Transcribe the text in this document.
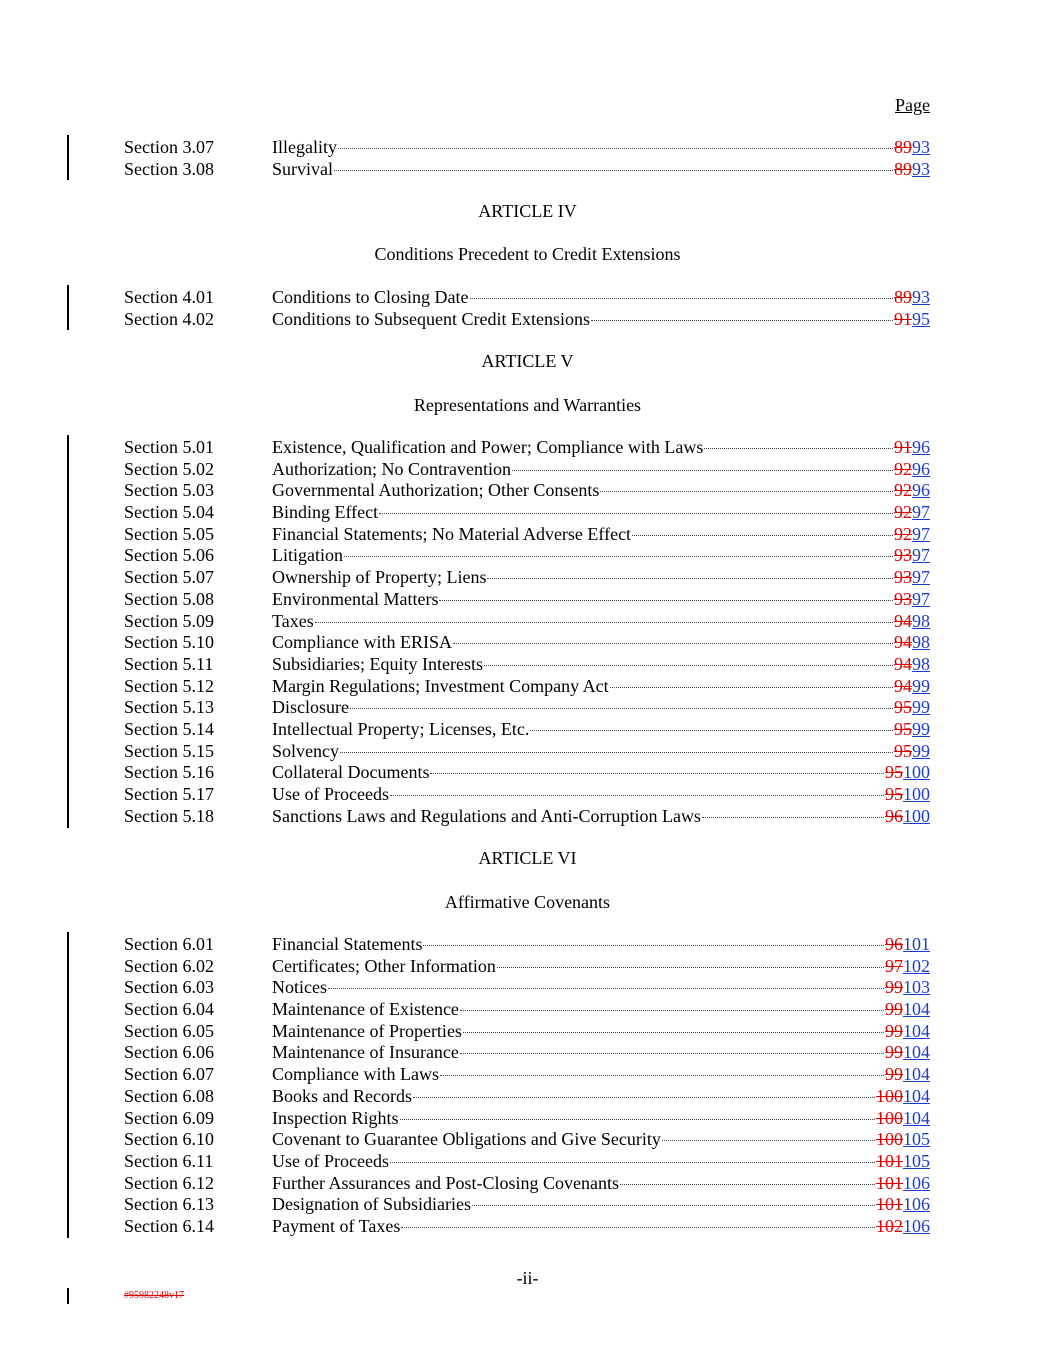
Page
Section 3.07	Illegality	89 93
Section 3.08	Survival	89 93
ARTICLE IV
Conditions Precedent to Credit Extensions
Section 4.01	Conditions to Closing Date	89 93
Section 4.02	Conditions to Subsequent Credit Extensions	91 95
ARTICLE V
Representations and Warranties
Section 5.01	Existence, Qualification and Power; Compliance with Laws	91 96
Section 5.02	Authorization; No Contravention	92 96
Section 5.03	Governmental Authorization; Other Consents	92 96
Section 5.04	Binding Effect	92 97
Section 5.05	Financial Statements; No Material Adverse Effect	92 97
Section 5.06	Litigation	93 97
Section 5.07	Ownership of Property; Liens	93 97
Section 5.08	Environmental Matters	93 97
Section 5.09	Taxes	94 98
Section 5.10	Compliance with ERISA	94 98
Section 5.11	Subsidiaries; Equity Interests	94 98
Section 5.12	Margin Regulations; Investment Company Act	94 99
Section 5.13	Disclosure	95 99
Section 5.14	Intellectual Property; Licenses, Etc.	95 99
Section 5.15	Solvency	95 99
Section 5.16	Collateral Documents	95 100
Section 5.17	Use of Proceeds	95 100
Section 5.18	Sanctions Laws and Regulations and Anti-Corruption Laws	96 100
ARTICLE VI
Affirmative Covenants
Section 6.01	Financial Statements	96 101
Section 6.02	Certificates; Other Information	97 102
Section 6.03	Notices	99 103
Section 6.04	Maintenance of Existence	99 104
Section 6.05	Maintenance of Properties	99 104
Section 6.06	Maintenance of Insurance	99 104
Section 6.07	Compliance with Laws	99 104
Section 6.08	Books and Records	100 104
Section 6.09	Inspection Rights	100 104
Section 6.10	Covenant to Guarantee Obligations and Give Security	100 105
Section 6.11	Use of Proceeds	101 105
Section 6.12	Further Assurances and Post-Closing Covenants	101 106
Section 6.13	Designation of Subsidiaries	101 106
Section 6.14	Payment of Taxes	102 106
-ii-
#95982248v17
